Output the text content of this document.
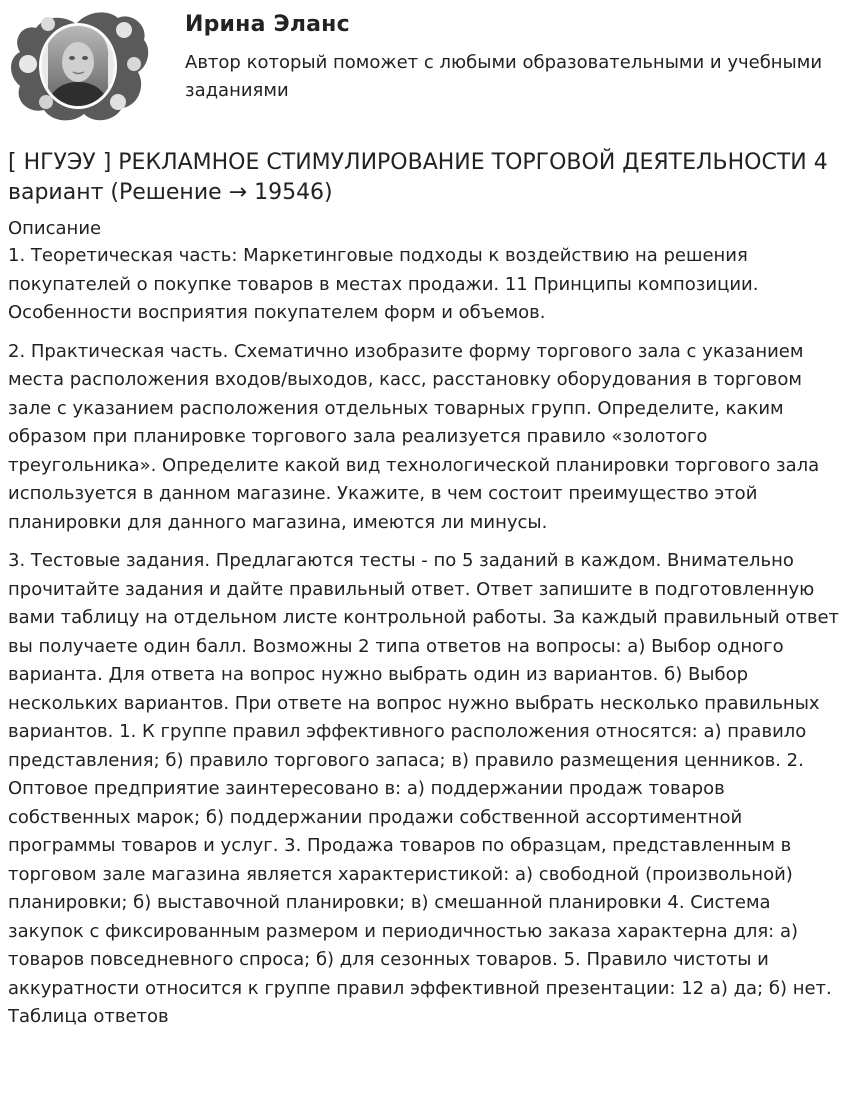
Ирина Эланс
Автор который поможет с любыми образовательными и учебными заданиями
[ НГУЭУ ] РЕКЛАМНОЕ СТИМУЛИРОВАНИЕ ТОРГОВОЙ ДЕЯТЕЛЬНОСТИ 4 вариант (Решение → 19546)
Описание

1. Теоретическая часть: Маркетинговые подходы к воздействию на решения покупателей о покупке товаров в местах продажи. 11 Принципы композиции. Особенности восприятия покупателем форм и объемов.

2. Практическая часть. Схематично изобразите форму торгового зала с указанием места расположения входов/выходов, касс, расстановку оборудования в торговом зале с указанием расположения отдельных товарных групп. Определите, каким образом при планировке торгового зала реализуется правило «золотого треугольника». Определите какой вид технологической планировки торгового зала используется в данном магазине. Укажите, в чем состоит преимущество этой планировки для данного магазина, имеются ли минусы.

3. Тестовые задания. Предлагаются тесты - по 5 заданий в каждом. Внимательно прочитайте задания и дайте правильный ответ. Ответ запишите в подготовленную вами таблицу на отдельном листе контрольной работы. За каждый правильный ответ вы получаете один балл. Возможны 2 типа ответов на вопросы: а) Выбор одного варианта. Для ответа на вопрос нужно выбрать один из вариантов. б) Выбор нескольких вариантов. При ответе на вопрос нужно выбрать несколько правильных вариантов. 1. К группе правил эффективного расположения относятся: а) правило представления; б) правило торгового запаса; в) правило размещения ценников. 2. Оптовое предприятие заинтересовано в: а) поддержании продаж товаров собственных марок; б) поддержании продажи собственной ассортиментной программы товаров и услуг. 3. Продажа товаров по образцам, представленным в торговом зале магазина является характеристикой: а) свободной (произвольной) планировки; б) выставочной планировки; в) смешанной планировки 4. Система закупок с фиксированным размером и периодичностью заказа характерна для: а) товаров повседневного спроса; б) для сезонных товаров. 5. Правило чистоты и аккуратности относится к группе правил эффективной презентации: 12 а) да; б) нет. Таблица ответов
